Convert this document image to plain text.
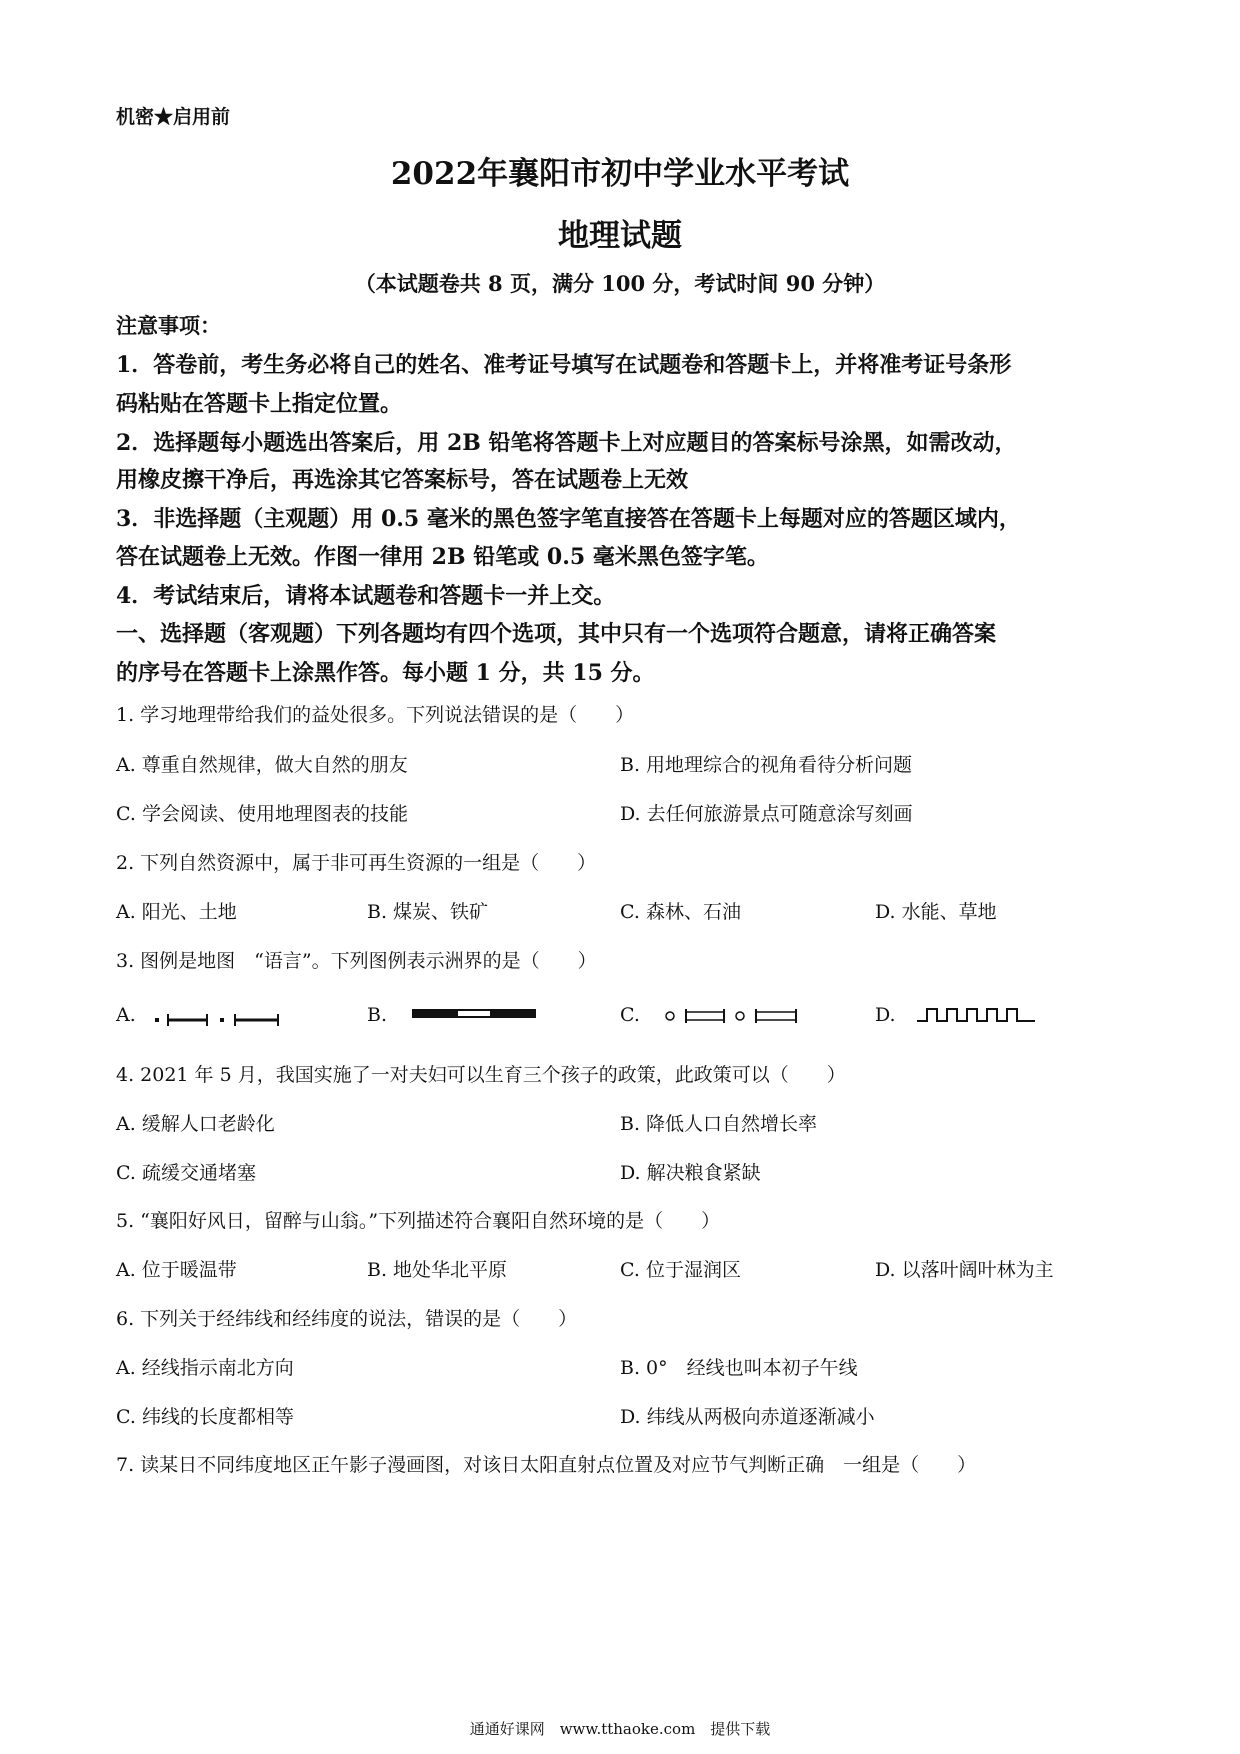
机密★启用前
2022年襄阳市初中学业水平考试
地理试题
（本试题卷共 8 页，满分 100 分，考试时间 90 分钟）
注意事项：
1．答卷前，考生务必将自己的姓名、准考证号填写在试题卷和答题卡上，并将准考证号条形
码粘贴在答题卡上指定位置。
2．选择题每小题选出答案后，用 2B 铅笔将答题卡上对应题目的答案标号涂黑，如需改动，
用橡皮擦干净后，再选涂其它答案标号，答在试题卷上无效
3．非选择题（主观题）用 0.5 毫米的黑色签字笔直接答在答题卡上每题对应的答题区域内，
答在试题卷上无效。作图一律用 2B 铅笔或 0.5 毫米黑色签字笔。
4．考试结束后，请将本试题卷和答题卡一并上交。
一、选择题（客观题）下列各题均有四个选项，其中只有一个选项符合题意，请将正确答案
的序号在答题卡上涂黑作答。每小题 1 分，共 15 分。
1. 学习地理带给我们的益处很多。下列说法错误的是（　　）
A. 尊重自然规律，做大自然的朋友	B. 用地理综合的视角看待分析问题
C. 学会阅读、使用地理图表的技能	D. 去任何旅游景点可随意涂写刻画
2. 下列自然资源中，属于非可再生资源的一组是（　　）
A. 阳光、土地	B. 煤炭、铁矿	C. 森林、石油	D. 水能、草地
3. 图例是地图　“语言”。下列图例表示洲界的是（　　）
A.	B.	C.	D.
4. 2021 年 5 月，我国实施了一对夫妇可以生育三个孩子的政策，此政策可以（　　）
A. 缓解人口老龄化	B. 降低人口自然增长率
C. 疏缓交通堵塞	D. 解决粮食紧缺
5. “襄阳好风日，留醉与山翁。”下列描述符合襄阳自然环境的是（　　）
A. 位于暖温带	B. 地处华北平原	C. 位于湿润区	D. 以落叶阔叶林为主
6. 下列关于经纬线和经纬度的说法，错误的是（　　）
A. 经线指示南北方向	B. 0°　经线也叫本初子午线
C. 纬线的长度都相等	D. 纬线从两极向赤道逐渐减小
7. 读某日不同纬度地区正午影子漫画图，对该日太阳直射点位置及对应节气判断正确　一组是（　　）
通通好课网　www.tthaoke.com　提供下载
